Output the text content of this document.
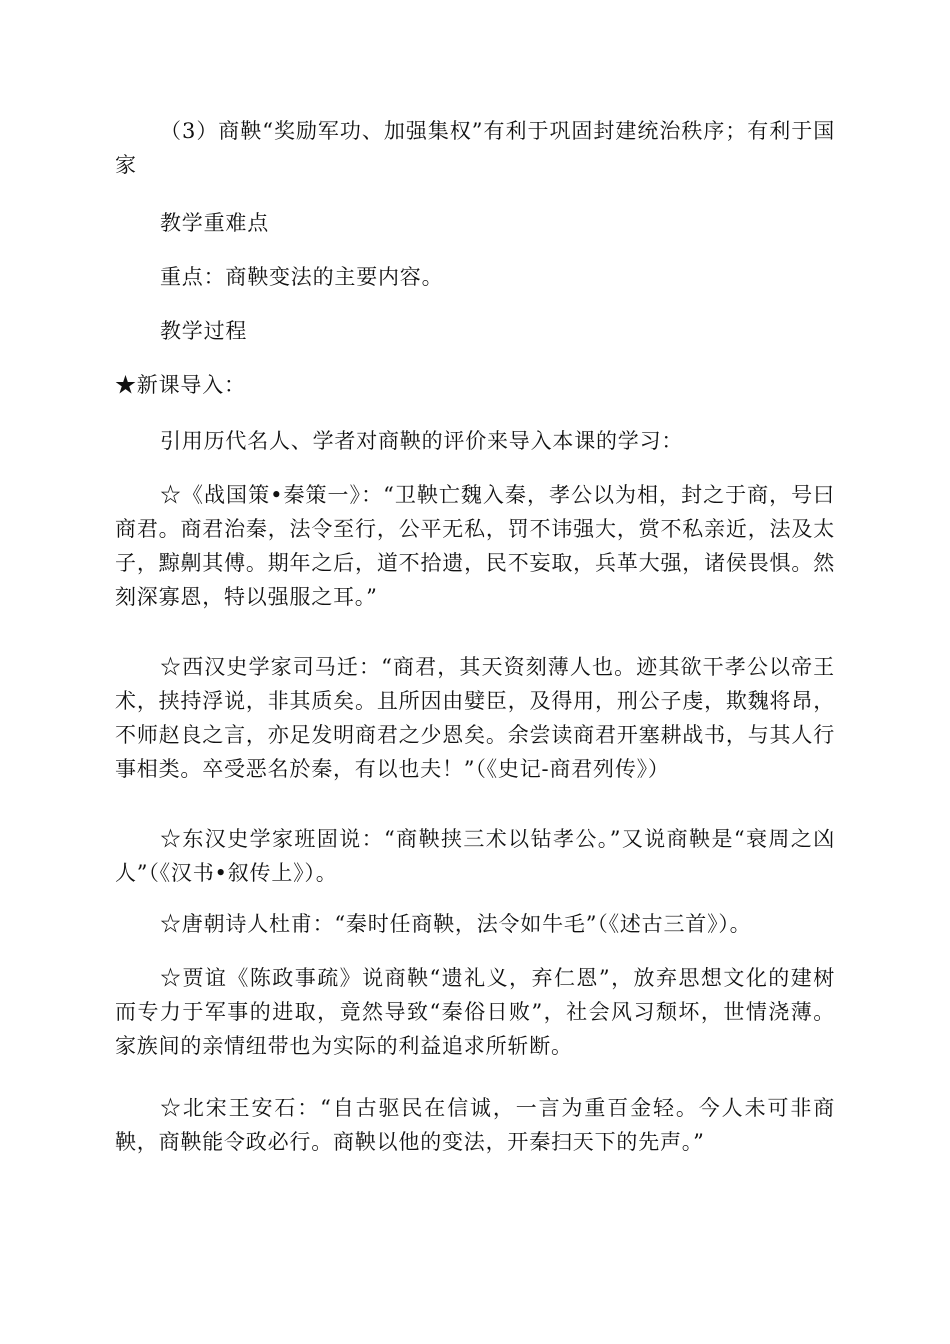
（3）商鞅“奖励军功、加强集权”有利于巩固封建统治秩序；有利于国家

教学重难点

重点：商鞅变法的主要内容。

教学过程

★新课导入：

引用历代名人、学者对商鞅的评价来导入本课的学习：

☆《战国策•秦策一》：“卫鞅亡魏入秦，孝公以为相，封之于商，号曰商君。商君治秦，法令至行，公平无私，罚不讳强大，赏不私亲近，法及太子，黥劓其傅。期年之后，道不拾遗，民不妄取，兵革大强，诸侯畏惧。然刻深寡恩，特以强服之耳。”

☆西汉史学家司马迁：“商君，其天资刻薄人也。迹其欲干孝公以帝王术，挟持浮说，非其质矣。且所因由嬖臣，及得用，刑公子虔，欺魏将昂，不师赵良之言，亦足发明商君之少恩矣。余尝读商君开塞耕战书，与其人行事相类。卒受恶名於秦，有以也夫！”（《史记-商君列传》）

☆东汉史学家班固说：“商鞅挟三术以钻孝公。”又说商鞅是“衰周之凶人”（《汉书•叙传上》）。

☆唐朝诗人杜甫：“秦时任商鞅，法令如牛毛”（《述古三首》）。

☆贾谊《陈政事疏》说商鞅“遗礼义，弃仁恩”，放弃思想文化的建树而专力于军事的进取，竟然导致“秦俗日败”，社会风习颓坏，世情浇薄。家族间的亲情纽带也为实际的利益追求所斩断。

☆北宋王安石：“自古驱民在信诚，一言为重百金轻。今人未可非商鞅，商鞅能令政必行。商鞅以他的变法，开秦扫天下的先声。”
